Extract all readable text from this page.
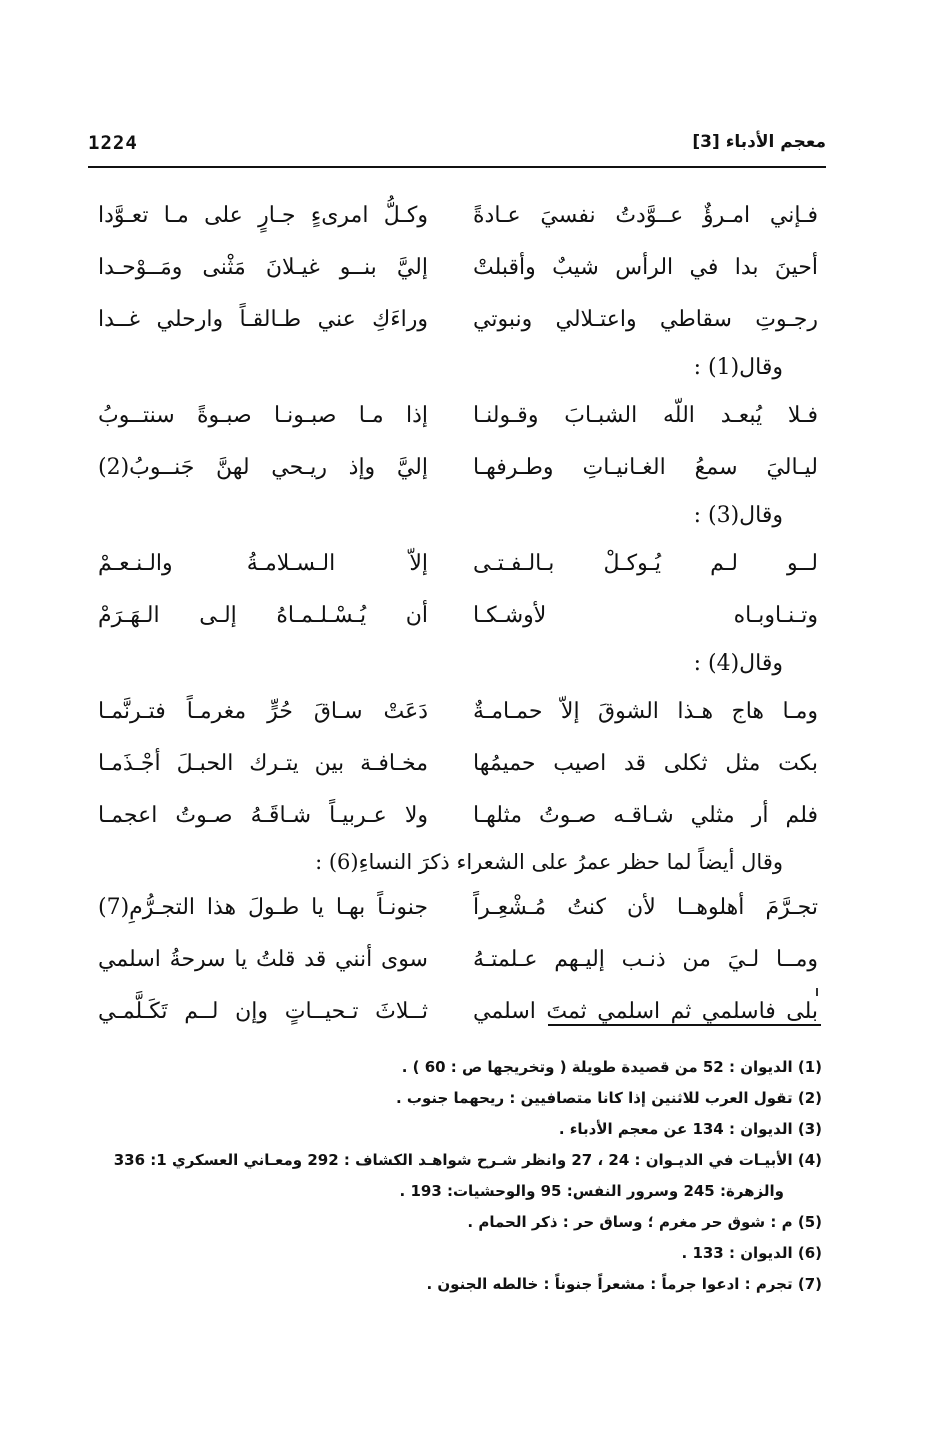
1224	معجم الأدباء [3]
فـإني امـرؤٌ عــوَّدتُ نفسيَ عـادةً
وكـلُّ امرىءٍ جـارٍ على مـا تعـوَّدا
أحينَ بدا في الرأس شيبٌ وأقبلتْ
إليَّ بنــو غيـلانَ مَثْنى ومَــوْحـدا
رجـوتِ سقاطي واعتـلالي ونبوتي
وراءَكِ عني طـالقـاً وارحلي غــدا
وقال(1) :
فـلا يُبعـد اللّه الشبـابَ وقـولنـا
إذا مـا صبـونـا صبـوةً سنتــوبُ
ليـاليَ سمعُ الغـانيـاتِ وطـرفهـا
إليَّ وإذ ريـحي لهنَّ جَنــوبُ(2)
وقال(3) :
لــو لـم يُـوكـلْ بـالـفـتـى
إلاّ الـسـلامـةُ والـنـعـمْ
وتـنـاوبـاه لأوشـكـا
أن يُـسْـلـمـاهُ إلـى الـهَـرَمْ
وقال(4) :
ومـا هاج هـذا الشوقَ إلاّ حمـامـةٌ
دَعَتْ سـاقَ حُرٍّ مغرمـاً فتـرنَّمـا
بكت مثل ثكلى قد اصيب حميمُها
مخـافـة بين يتـرك الحبـلَ أجْـذَمـا
فلم أر مثلي شـاقـه صـوتُ مثلهـا
ولا عـربيـاً شـاقَـهُ صـوتُ اعجمـا
وقال أيضاً لما حظر عمرُ على الشعراء ذكرَ النساءِ(6) :
تجـرَّمَ أهلوهــا لأن كنتُ مُـشْعِـراً
جنونـاً بهـا يا طـولَ هذا التجـرُّمِ(7)
ومــا لـيَ من ذنـب إليـهم عـلمتـهُ
سوى أنني قد قلتُ يا سرحةُ اسلمي
بلى فاسلمي ثم اسلمي ثمتَ اسلمي
ثــلاثَ تـحيــاتٍ وإن لــم تَكَـلَّمـي
(1) الديوان : 52 من قصيدة طويلة ( وتخريجها ص : 60 ) .
(2) تقول العرب للاثنين إذا كانا متصافيين : ريحهما جنوب .
(3) الديوان : 134 عن معجم الأدباء .
(4) الأبيـات في الديـوان : 24 ، 27 وانظر شـرح شواهـد الكشاف : 292 ومعـاني العسكري 1: 336
والزهرة: 245 وسرور النفس: 95 والوحشيات: 193 .
(5) م : شوق حر مغرم ؛ وساق حر : ذكر الحمام .
(6) الديوان : 133 .
(7) تجرم : ادعوا جرماً : مشعراً جنوناً : خالطه الجنون .
